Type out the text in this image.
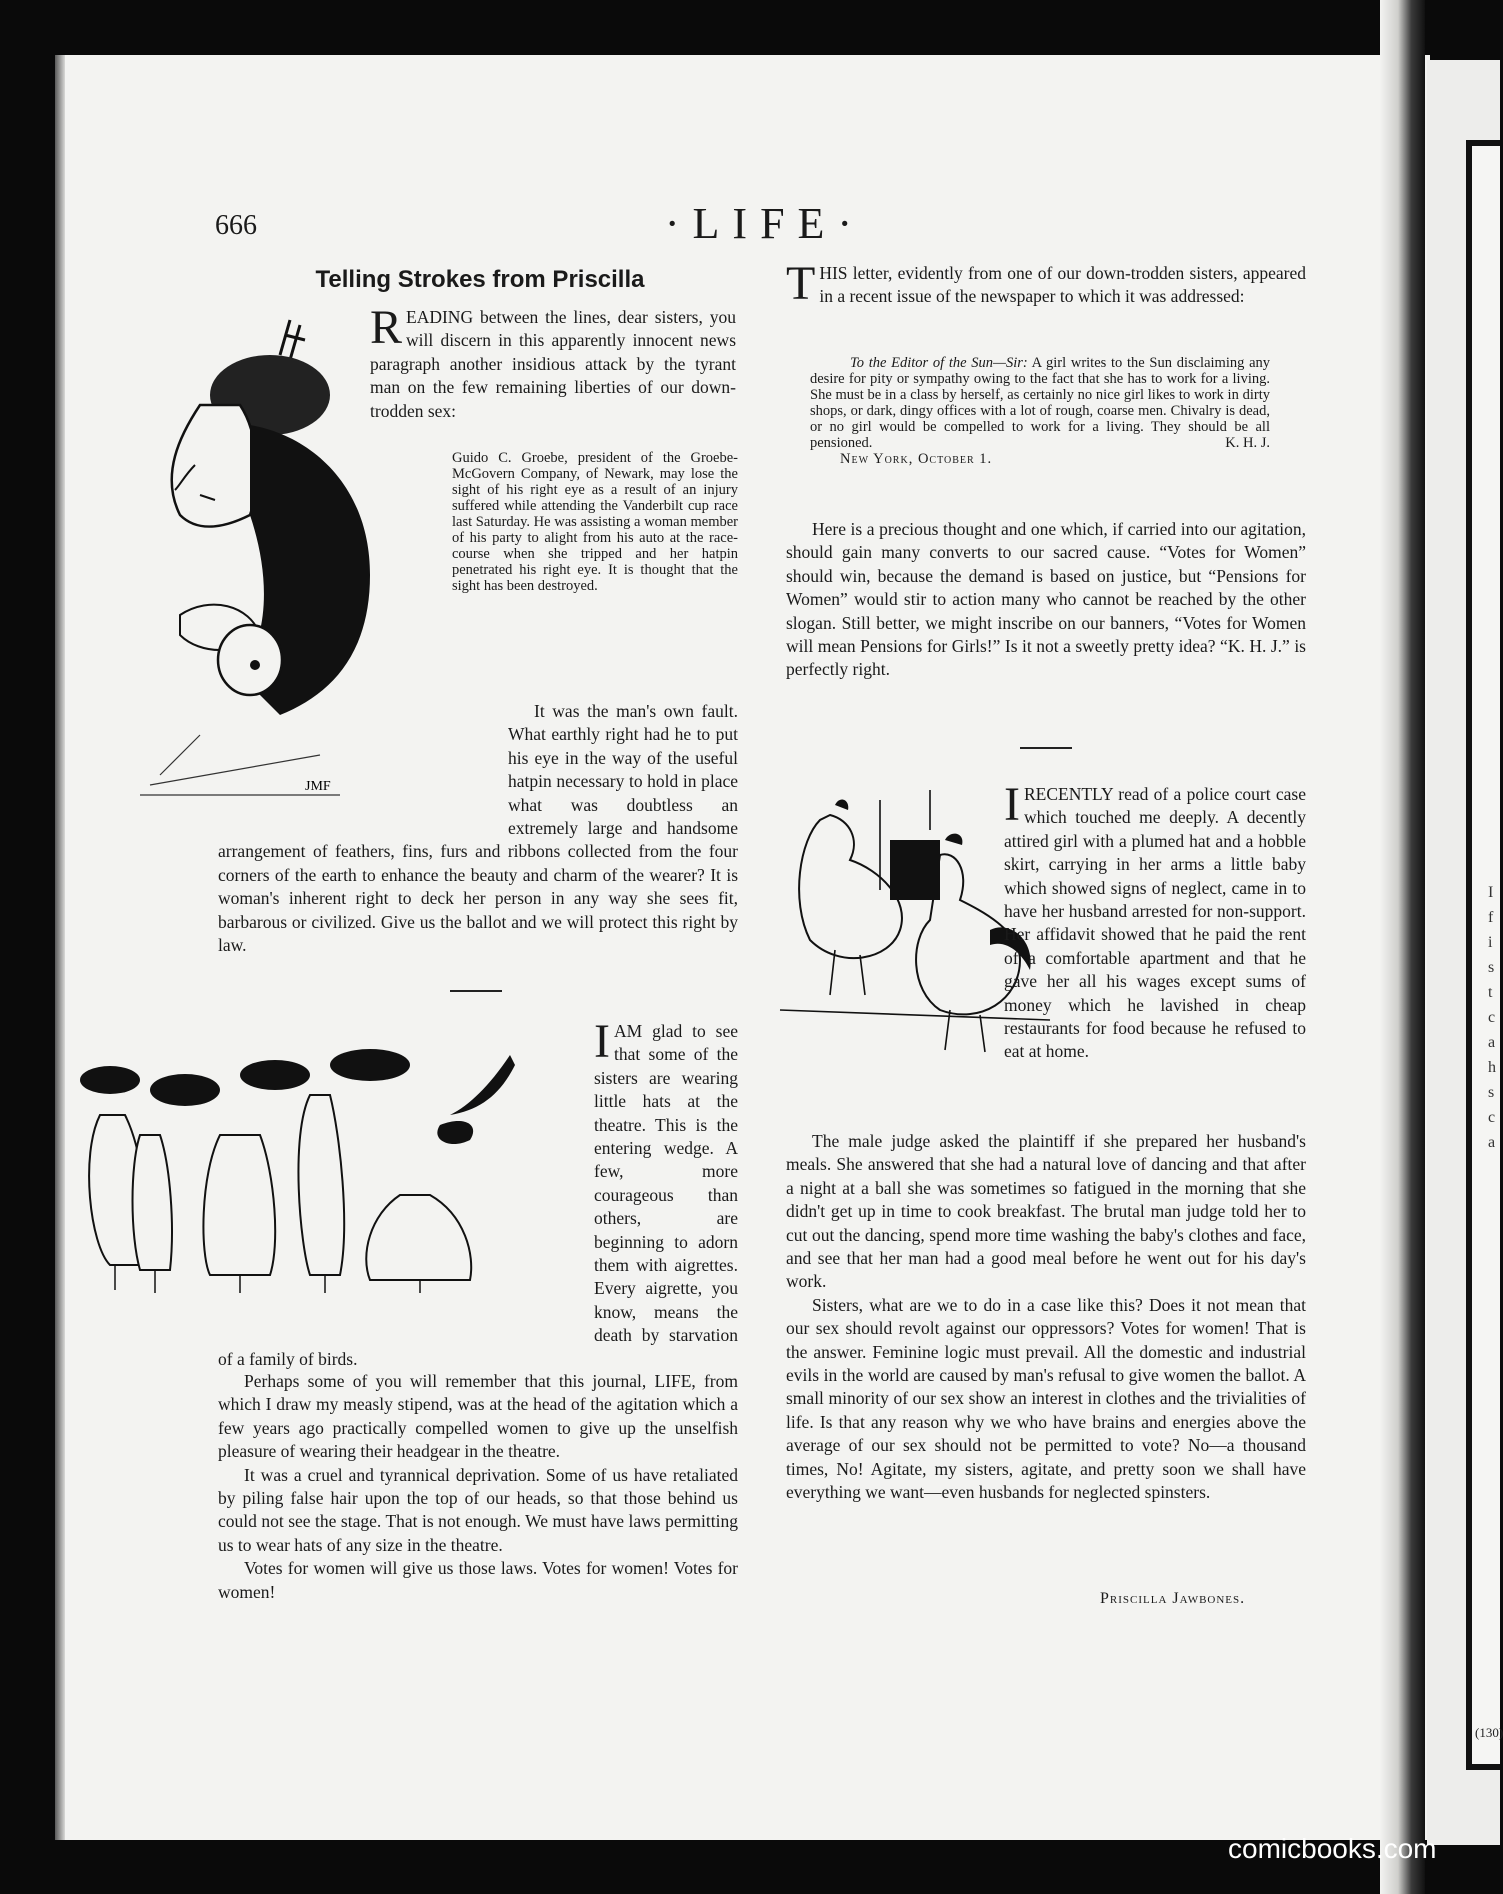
I f i s t c a h s c a
(130)
666	·LIFE·
Telling Strokes from Priscilla
JMF
R EADING between the lines, dear sisters, you will discern in this apparently innocent news paragraph another insidious attack by the tyrant man on the few remaining liberties of our down-trodden sex:
Guido C. Groebe, president of the Groebe-McGovern Company, of Newark, may lose the sight of his right eye as a result of an injury suffered while attending the Vanderbilt cup race last Saturday. He was assisting a woman member of his party to alight from his auto at the race-course when she tripped and her hatpin penetrated his right eye. It is thought that the sight has been destroyed.
It was the man's own fault. What earthly right had he to put his eye in the way of the useful hatpin necessary to hold in place what was doubtless an extremely large and handsome arrangement of feathers, fins, furs and ribbons collected from the four corners of the earth to enhance the beauty and charm of the wearer? It is woman's inherent right to deck her person in any way she sees fit, barbarous or civilized. Give us the ballot and we will protect this right by law.
I AM glad to see that some of the sisters are wearing little hats at the theatre. This is the entering wedge. A few, more courageous than others, are beginning to adorn them with aigrettes. Every aigrette, you know, means the death by starvation of a family of birds.

Perhaps some of you will remember that this journal, LIFE, from which I draw my measly stipend, was at the head of the agitation which a few years ago practically compelled women to give up the unselfish pleasure of wearing their headgear in the theatre.

It was a cruel and tyrannical deprivation. Some of us have retaliated by piling false hair upon the top of our heads, so that those behind us could not see the stage. That is not enough. We must have laws permitting us to wear hats of any size in the theatre.

Votes for women will give us those laws. Votes for women! Votes for women!

T HIS letter, evidently from one of our down-trodden sisters, appeared in a recent issue of the newspaper to which it was addressed:
To the Editor of the Sun—Sir: A girl writes to the Sun disclaiming any desire for pity or sympathy owing to the fact that she has to work for a living. She must be in a class by herself, as certainly no nice girl likes to work in dirty shops, or dark, dingy offices with a lot of rough, coarse men. Chivalry is dead, or no girl would be compelled to work for a living. They should be all pensioned.	K. H. J.
New York, October 1.
Here is a precious thought and one which, if carried into our agitation, should gain many converts to our sacred cause. “Votes for Women” should win, because the demand is based on justice, but “Pensions for Women” would stir to action many who cannot be reached by the other slogan. Still better, we might inscribe on our banners, “Votes for Women will mean Pensions for Girls!” Is it not a sweetly pretty idea? “K. H. J.” is perfectly right.
I RECENTLY read of a police court case which touched me deeply. A decently attired girl with a plumed hat and a hobble skirt, carrying in her arms a little baby which showed signs of neglect, came in to have her husband arrested for non-support. Her affidavit showed that he paid the rent of a comfortable apartment and that he gave her all his wages except sums of money which he lavished in cheap restaurants for food because he refused to eat at home.

The male judge asked the plaintiff if she prepared her husband's meals. She answered that she had a natural love of dancing and that after a night at a ball she was sometimes so fatigued in the morning that she didn't get up in time to cook breakfast. The brutal man judge told her to cut out the dancing, spend more time washing the baby's clothes and face, and see that her man had a good meal before he went out for his day's work.

Sisters, what are we to do in a case like this? Does it not mean that our sex should revolt against our oppressors? Votes for women! That is the answer. Feminine logic must prevail. All the domestic and industrial evils in the world are caused by man's refusal to give women the ballot. A small minority of our sex show an interest in clothes and the trivialities of life. Is that any reason why we who have brains and energies above the average of our sex should not be permitted to vote? No—a thousand times, No! Agitate, my sisters, agitate, and pretty soon we shall have everything we want—even husbands for neglected spinsters.

Priscilla Jawbones.
comicbooks.com
